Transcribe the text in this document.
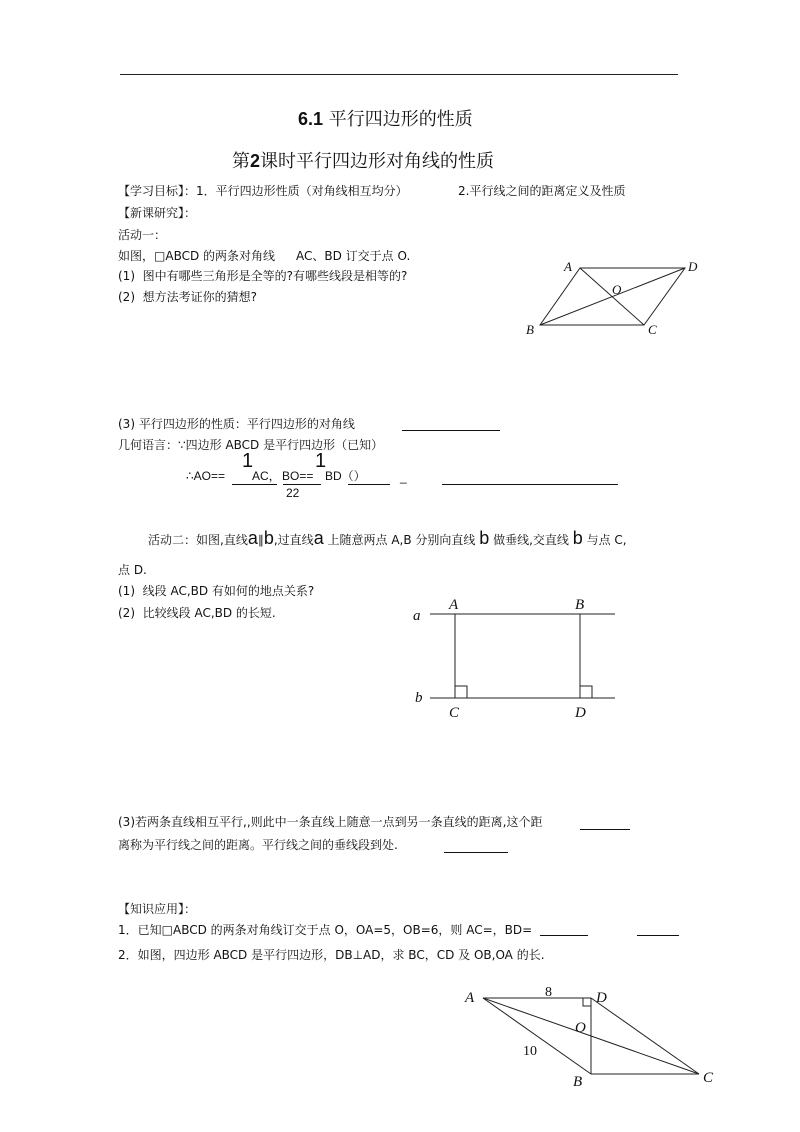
6.1 平行四边形的性质
第2课时平行四边形对角线的性质
【学习目标】：1．平行四边形性质（对角线相互均分）	2.平行线之间的距离定义及性质
【新课研究】：
活动一：
如图，□ABCD 的两条对角线 AC、BD 订交于点 O.
(1) 图中有哪些三角形是全等的?有哪些线段是相等的?
(2) 想方法考证你的猜想?
A	D
O
B	C
(3) 平行四边形的性质：平行四边形的对角线
几何语言：∵四边形 ABCD 是平行四边形（已知）
∴AO==
1
AC， BO==
1
BD（）	_
22
活动二：如图,直线a∥b,过直线a 上随意两点 A,B 分别向直线 b 做垂线,交直线 b 与点 C,
点 D.
(1) 线段 AC,BD 有如何的地点关系?
(2) 比较线段 AC,BD 的长短.	a
b
A	B
C	D
(3)若两条直线相互平行,,则此中一条直线上随意一点到另一条直线的距离,这个距
离称为平行线之间的距离。平行线之间的垂线段到处.
【知识应用】：
1．已知□ABCD 的两条对角线订交于点 O，OA=5，OB=6，则 AC=，BD=
2．如图，四边形 ABCD 是平行四边形，DB⊥AD，求 BC，CD 及 OB,OA 的长.
A	D
O
B	C
8
10
